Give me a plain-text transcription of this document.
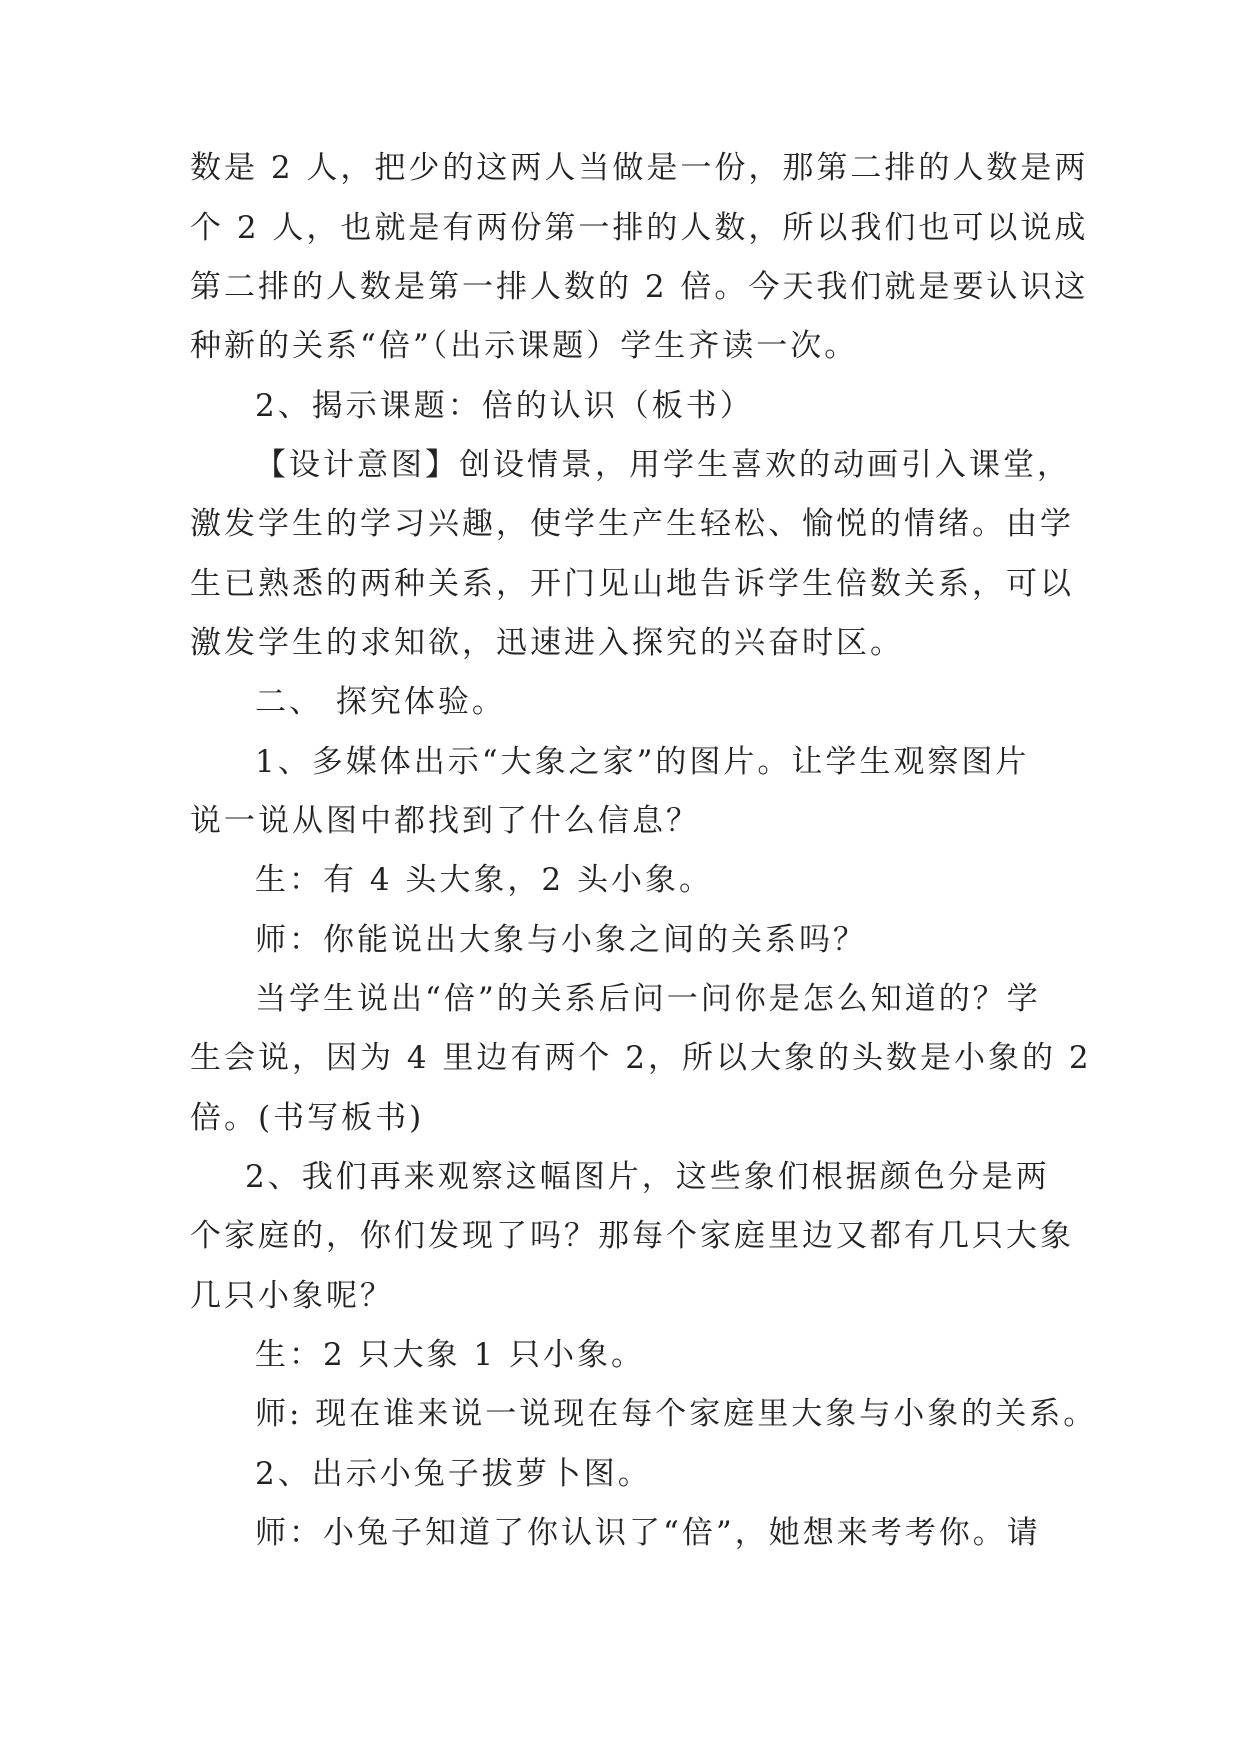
数是 2 人，把少的这两人当做是一份，那第二排的人数是两
个 2 人，也就是有两份第一排的人数，所以我们也可以说成
第二排的人数是第一排人数的 2 倍。今天我们就是要认识这
种新的关系“倍”（出示课题）学生齐读一次。
2、揭示课题：倍的认识（板书）
【设计意图】创设情景，用学生喜欢的动画引入课堂，
激发学生的学习兴趣，使学生产生轻松、愉悦的情绪。由学
生已熟悉的两种关系，开门见山地告诉学生倍数关系，可以
激发学生的求知欲，迅速进入探究的兴奋时区。
二、 探究体验。
1、多媒体出示“大象之家”的图片。让学生观察图片
说一说从图中都找到了什么信息？
生：有 4 头大象，2 头小象。
师：你能说出大象与小象之间的关系吗？
当学生说出“倍”的关系后问一问你是怎么知道的？学
生会说，因为 4 里边有两个 2，所以大象的头数是小象的 2
倍。(书写板书)
2、我们再来观察这幅图片，这些象们根据颜色分是两
个家庭的，你们发现了吗？那每个家庭里边又都有几只大象
几只小象呢？
生：2 只大象 1 只小象。
师: 现在谁来说一说现在每个家庭里大象与小象的关系。
2、出示小兔子拔萝卜图。
师：小兔子知道了你认识了“倍”，她想来考考你。请
